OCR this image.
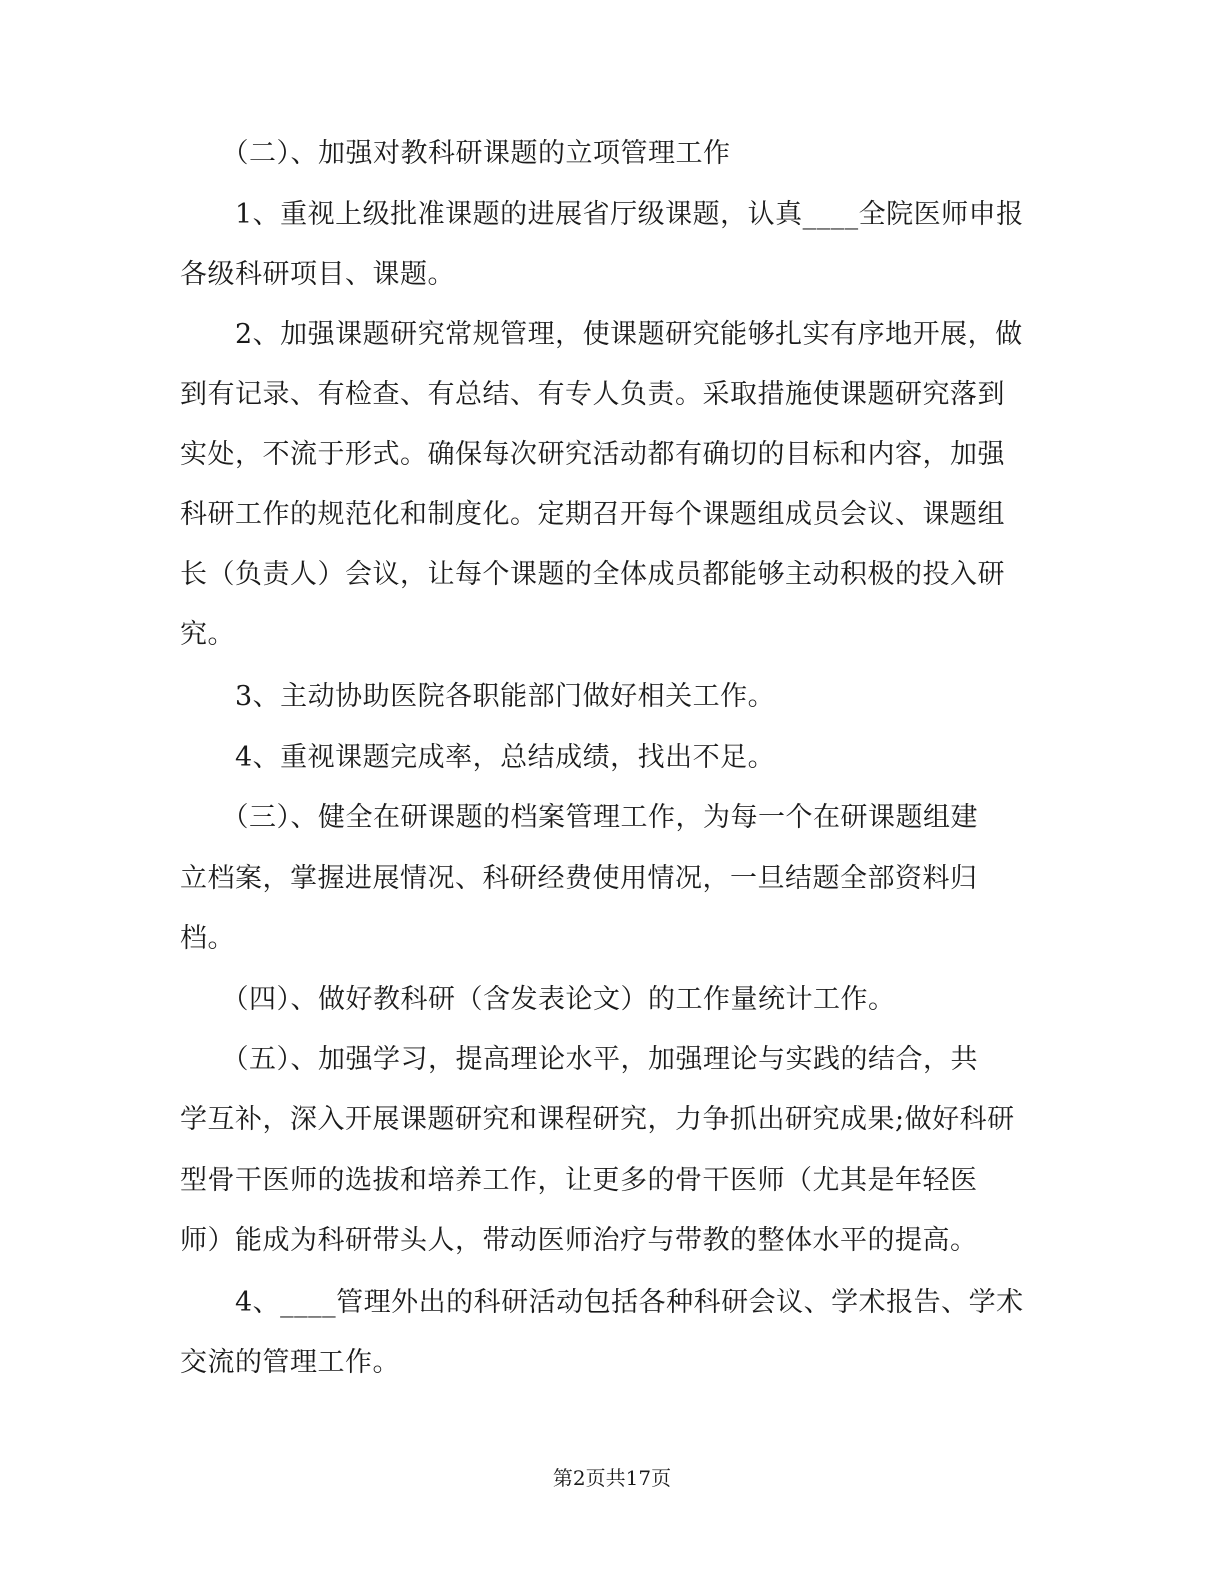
　　（二）、加强对教科研课题的立项管理工作
　　1、重视上级批准课题的进展省厅级课题，认真____全院医师申报
各级科研项目、课题。
　　2、加强课题研究常规管理，使课题研究能够扎实有序地开展，做
到有记录、有检查、有总结、有专人负责。采取措施使课题研究落到
实处，不流于形式。确保每次研究活动都有确切的目标和内容，加强
科研工作的规范化和制度化。定期召开每个课题组成员会议、课题组
长（负责人）会议，让每个课题的全体成员都能够主动积极的投入研
究。
　　3、主动协助医院各职能部门做好相关工作。
　　4、重视课题完成率，总结成绩，找出不足。
　　（三）、健全在研课题的档案管理工作，为每一个在研课题组建
立档案，掌握进展情况、科研经费使用情况，一旦结题全部资料归
档。
　　（四）、做好教科研（含发表论文）的工作量统计工作。
　　（五）、加强学习，提高理论水平，加强理论与实践的结合，共
学互补，深入开展课题研究和课程研究，力争抓出研究成果;做好科研
型骨干医师的选拔和培养工作，让更多的骨干医师（尤其是年轻医
师）能成为科研带头人，带动医师治疗与带教的整体水平的提高。
　　4、____管理外出的科研活动包括各种科研会议、学术报告、学术
交流的管理工作。
第2页共17页
